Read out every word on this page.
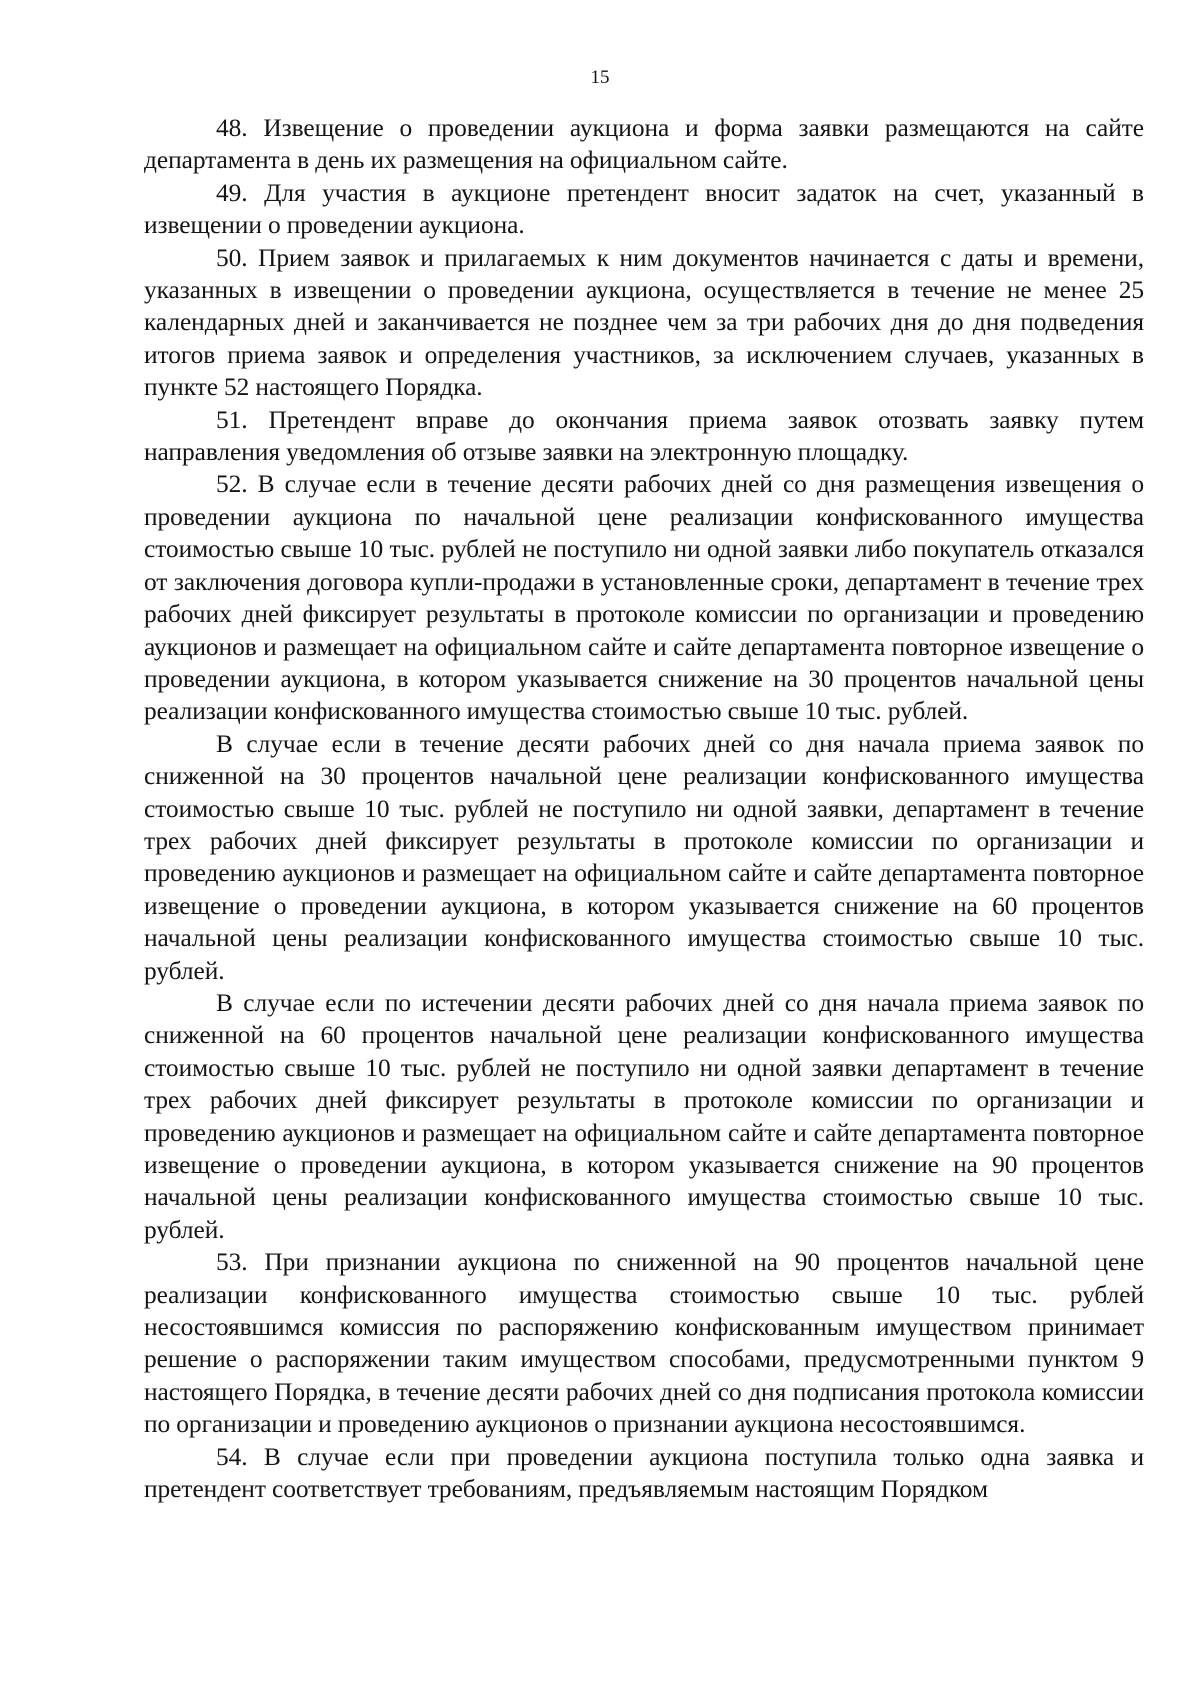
15

48. Извещение о проведении аукциона и форма заявки размещаются на сайте департамента в день их размещения на официальном сайте.

49. Для участия в аукционе претендент вносит задаток на счет, указанный в извещении о проведении аукциона.

50. Прием заявок и прилагаемых к ним документов начинается с даты и времени, указанных в извещении о проведении аукциона, осуществляется в течение не менее 25 календарных дней и заканчивается не позднее чем за три рабочих дня до дня подведения итогов приема заявок и определения участников, за исключением случаев, указанных в пункте 52 настоящего Порядка.

51. Претендент вправе до окончания приема заявок отозвать заявку путем направления уведомления об отзыве заявки на электронную площадку.

52. В случае если в течение десяти рабочих дней со дня размещения извещения о проведении аукциона по начальной цене реализации конфискованного имущества стоимостью свыше 10 тыс. рублей не поступило ни одной заявки либо покупатель отказался от заключения договора купли-продажи в установленные сроки, департамент в течение трех рабочих дней фиксирует результаты в протоколе комиссии по организации и проведению аукционов и размещает на официальном сайте и сайте департамента повторное извещение о проведении аукциона, в котором указывается снижение на 30 процентов начальной цены реализации конфискованного имущества стоимостью свыше 10 тыс. рублей.

В случае если в течение десяти рабочих дней со дня начала приема заявок по сниженной на 30 процентов начальной цене реализации конфискованного имущества стоимостью свыше 10 тыс. рублей не поступило ни одной заявки, департамент в течение трех рабочих дней фиксирует результаты в протоколе комиссии по организации и проведению аукционов и размещает на официальном сайте и сайте департамента повторное извещение о проведении аукциона, в котором указывается снижение на 60 процентов начальной цены реализации конфискованного имущества стоимостью свыше 10 тыс. рублей.

В случае если по истечении десяти рабочих дней со дня начала приема заявок по сниженной на 60 процентов начальной цене реализации конфискованного имущества стоимостью свыше 10 тыс. рублей не поступило ни одной заявки департамент в течение трех рабочих дней фиксирует результаты в протоколе комиссии по организации и проведению аукционов и размещает на официальном сайте и сайте департамента повторное извещение о проведении аукциона, в котором указывается снижение на 90 процентов начальной цены реализации конфискованного имущества стоимостью свыше 10 тыс. рублей.

53. При признании аукциона по сниженной на 90 процентов начальной цене реализации конфискованного имущества стоимостью свыше 10 тыс. рублей несостоявшимся комиссия по распоряжению конфискованным имуществом принимает решение о распоряжении таким имуществом способами, предусмотренными пунктом 9 настоящего Порядка, в течение десяти рабочих дней со дня подписания протокола комиссии по организации и проведению аукционов о признании аукциона несостоявшимся.

54. В случае если при проведении аукциона поступила только одна заявка и претендент соответствует требованиям, предъявляемым настоящим Порядком
